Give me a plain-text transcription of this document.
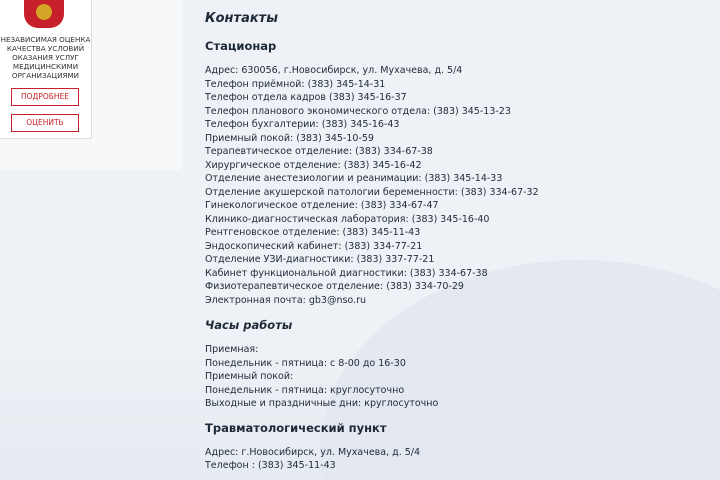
НЕЗАВИСИМАЯ ОЦЕНКА КАЧЕСТВА УСЛОВИЙ ОКАЗАНИЯ УСЛУГ МЕДИЦИНСКИМИ ОРГАНИЗАЦИЯМИ
ПОДРОБНЕЕ
ОЦЕНИТЬ
Контакты
Стационар
Адрес: 630056, г.Новосибирск, ул. Мухачева, д. 5/4
Телефон приёмной: (383) 345-14-31
Телефон отдела кадров (383) 345-16-37
Телефон планового экономического отдела: (383) 345-13-23
Телефон бухгалтерии: (383) 345-16-43
Приемный покой: (383) 345-10-59
Терапевтическое отделение: (383) 334-67-38
Хирургическое отделение: (383) 345-16-42
Отделение анестезиологии и реанимации: (383) 345-14-33
Отделение акушерской патологии беременности: (383) 334-67-32
Гинекологическое отделение: (383) 334-67-47
Клинико-диагностическая лаборатория: (383) 345-16-40
Рентгеновское отделение: (383) 345-11-43
Эндоскопический кабинет: (383) 334-77-21
Отделение УЗИ-диагностики: (383) 337-77-21
Кабинет функциональной диагностики: (383) 334-67-38
Физиотерапевтическое отделение: (383) 334-70-29
Электронная почта: gb3@nso.ru
Часы работы
Приемная:
Понедельник - пятница: с 8-00 до 16-30
Приемный покой:
Понедельник - пятница: круглосуточно
Выходные и праздничные дни: круглосуточно
Травматологический пункт
Адрес: г.Новосибирск, ул. Мухачева, д. 5/4
Телефон : (383) 345-11-43
